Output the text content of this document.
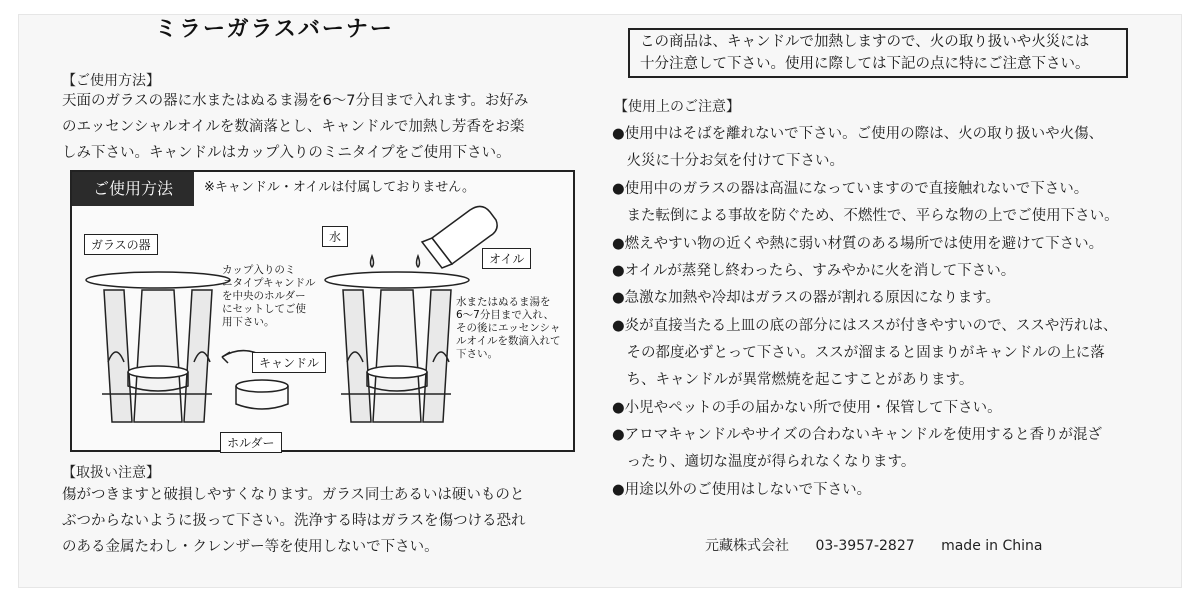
ミラーガラスバーナー
【ご使用方法】
天面のガラスの器に水またはぬるま湯を6〜7分目まで入れます。お好み
のエッセンシャルオイルを数滴落とし、キャンドルで加熱し芳香をお楽
しみ下さい。キャンドルはカップ入りのミニタイプをご使用下さい。
ご使用方法	※キャンドル・オイルは付属しておりません。
ガラスの器
水
オイル
キャンドル
ホルダー
カップ入りのミ
ニタイプキャンドル
を中央のホルダー
にセットしてご使
用下さい。
水またはぬるま湯を
6〜7分目まで入れ、
その後にエッセンシャ
ルオイルを数滴入れて
下さい。
【取扱い注意】
傷がつきますと破損しやすくなります。ガラス同士あるいは硬いものと
ぶつからないように扱って下さい。洗浄する時はガラスを傷つける恐れ
のある金属たわし・クレンザー等を使用しないで下さい。
この商品は、キャンドルで加熱しますので、火の取り扱いや火災には
十分注意して下さい。使用に際しては下記の点に特にご注意下さい。
【使用上のご注意】
●使用中はそばを離れないで下さい。ご使用の際は、火の取り扱いや火傷、
　火災に十分お気を付けて下さい。
●使用中のガラスの器は高温になっていますので直接触れないで下さい。
　また転倒による事故を防ぐため、不燃性で、平らな物の上でご使用下さい。
●燃えやすい物の近くや熱に弱い材質のある場所では使用を避けて下さい。
●オイルが蒸発し終わったら、すみやかに火を消して下さい。
●急激な加熱や冷却はガラスの器が割れる原因になります。
●炎が直接当たる上皿の底の部分にはススが付きやすいので、ススや汚れは、
　その都度必ずとって下さい。ススが溜まると固まりがキャンドルの上に落
　ち、キャンドルが異常燃焼を起こすことがあります。
●小児やペットの手の届かない所で使用・保管して下さい。
●アロマキャンドルやサイズの合わないキャンドルを使用すると香りが混ざ
　ったり、適切な温度が得られなくなります。
●用途以外のご使用はしないで下さい。
元藏株式会社 03-3957-2827 made in China
